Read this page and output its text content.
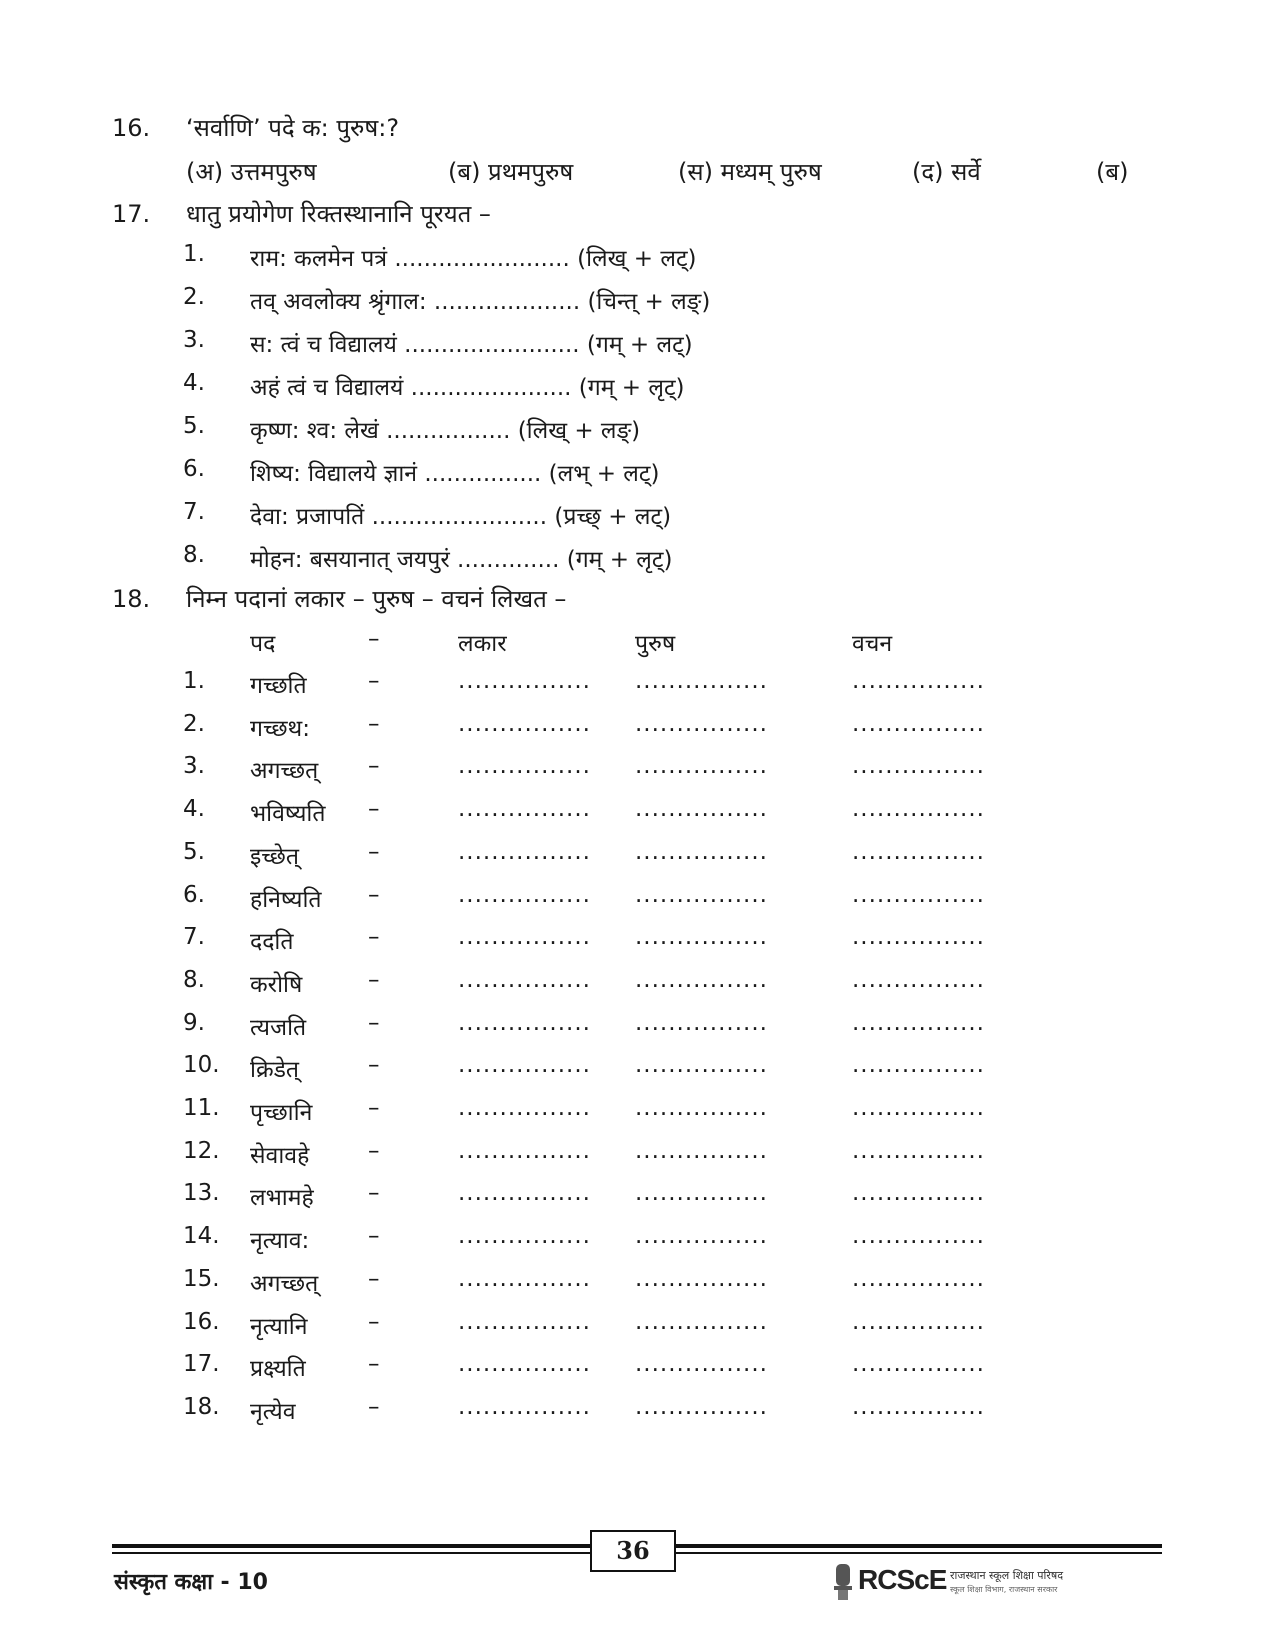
16.	‘सर्वाणि’ पदे क: पुरुष:?
(अ) उत्तमपुरुष	(ब) प्रथमपुरुष	(स) मध्यम् पुरुष	(द) सर्वे	(ब)
17.	धातु प्रयोगेण रिक्तस्थानानि पूरयत –
1. राम: कलमेन पत्रं ........................ (लिख् + लट्)
2. तव् अवलोक्य श्रृंगाल: .................... (चिन्त् + लङ्)
3. स: त्वं च विद्यालयं ........................ (गम् + लट्)
4. अहं त्वं च विद्यालयं ...................... (गम् + लृट्)
5. कृष्ण: श्‍व: लेखं ................. (लिख् + लङ्)
6. शिष्य: विद्यालये ज्ञानं ................ (लभ् + लट्)
7. देवा: प्रजापतिं ........................ (प्रच्छ् + लट्)
8. मोहन: बसयानात् जयपुरं .............. (गम् + लृट्)
18.	निम्न पदानां लकार – पुरुष – वचनं लिखत –
पद	–	लकार	पुरुष	वचन
1. गच्छति	–	................ ................	................
2. गच्छथ:	–	................ ................	................
3. अगच्छत् –	................ ................	................
4. भविष्यति –	................ ................	................
5. इच्छेत्	–	................ ................	................
6. हनिष्यति –	................ ................	................
7. ददति	–	................ ................	................
8. करोषि	–	................ ................	................
9. त्यजति	–	................ ................	................
10. क्रिडेत्	–	................ ................	................
11. पृच्छानि –	................ ................	................
12. सेवावहे	–	................ ................	................
13. लभामहे –	................ ................	................
14. नृत्याव:	–	................ ................	................
15. अगच्छत् –	................ ................	................
16. नृत्यानि	–	................ ................	................
17. प्रक्ष्यति	–	................ ................	................
18. नृत्येव	–	................ ................	................
36
संस्कृत कक्षा - 10	RCScE राजस्थान स्कूल शिक्षा परिषद
स्कूल शिक्षा विभाग, राजस्थान सरकार
